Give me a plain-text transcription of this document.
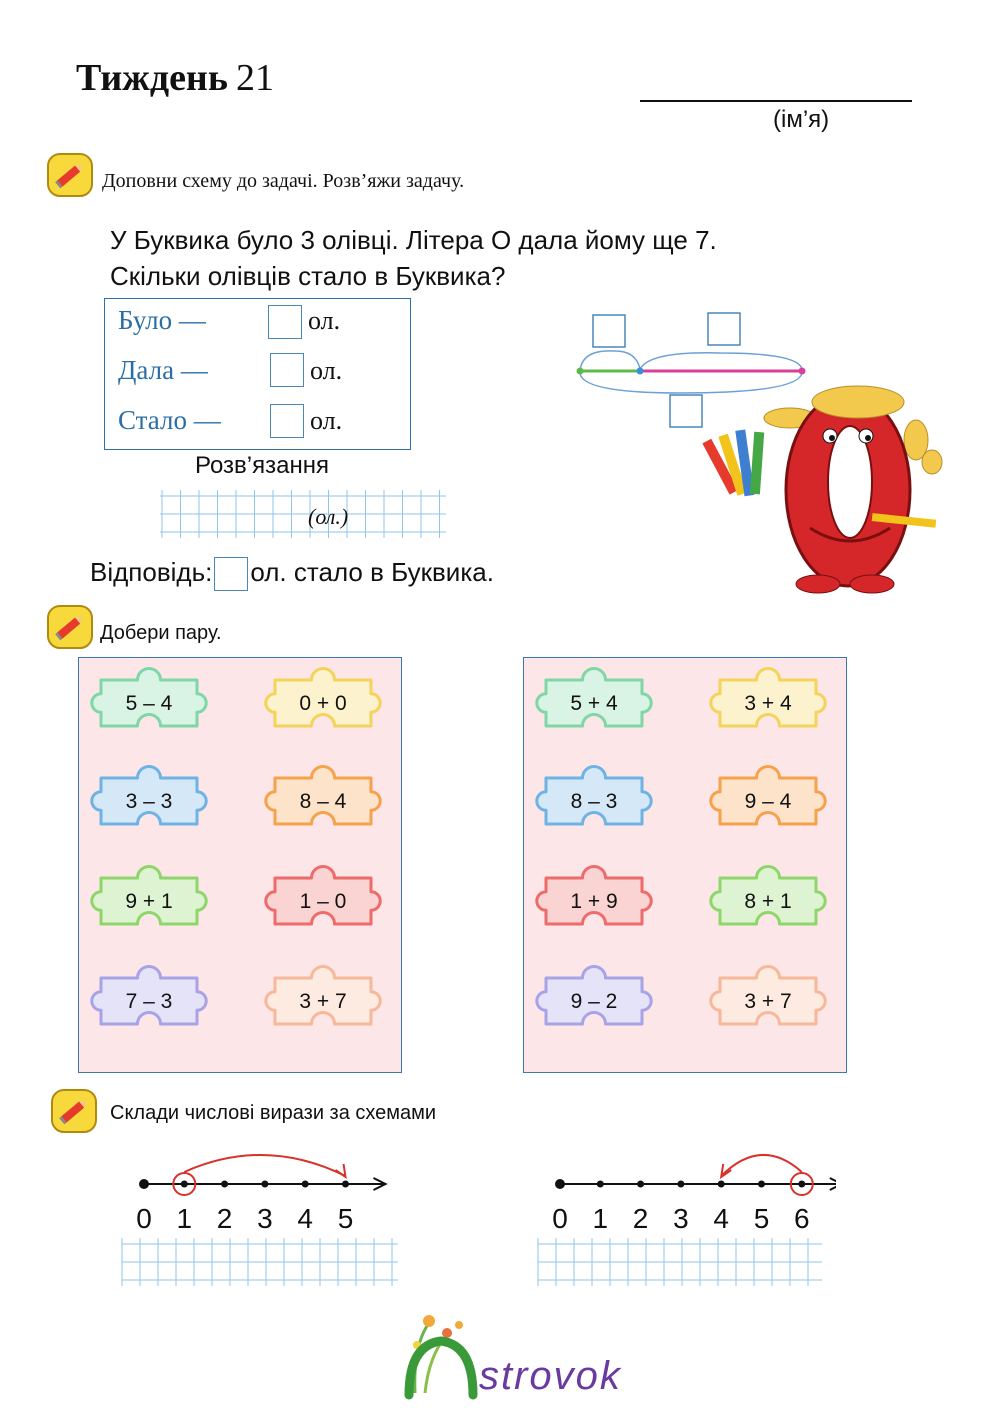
Тиждень 21
(ім’я)
Доповни схему до задачі. Розв’яжи задачу.
У Буквика було 3 олівці. Літера О дала йому ще 7.
Скільки олівців стало в Буквика?
Було —	ол.
Дала —	ол.
Стало —	ол.
Розв’язання
(ол.)
Відповідь: ол. стало в Буквика.
Добери пару.
5 – 4	0 + 0
3 – 3	8 – 4
9 + 1	1 – 0
7 – 3	3 + 7
5 + 4	3 + 4
8 – 3	9 – 4
1 + 9	8 + 1
9 – 2	3 + 7
Склади числові вирази за схемами
0 1 2 3 4 5	0 1 2 3 4 5 6
strovok
